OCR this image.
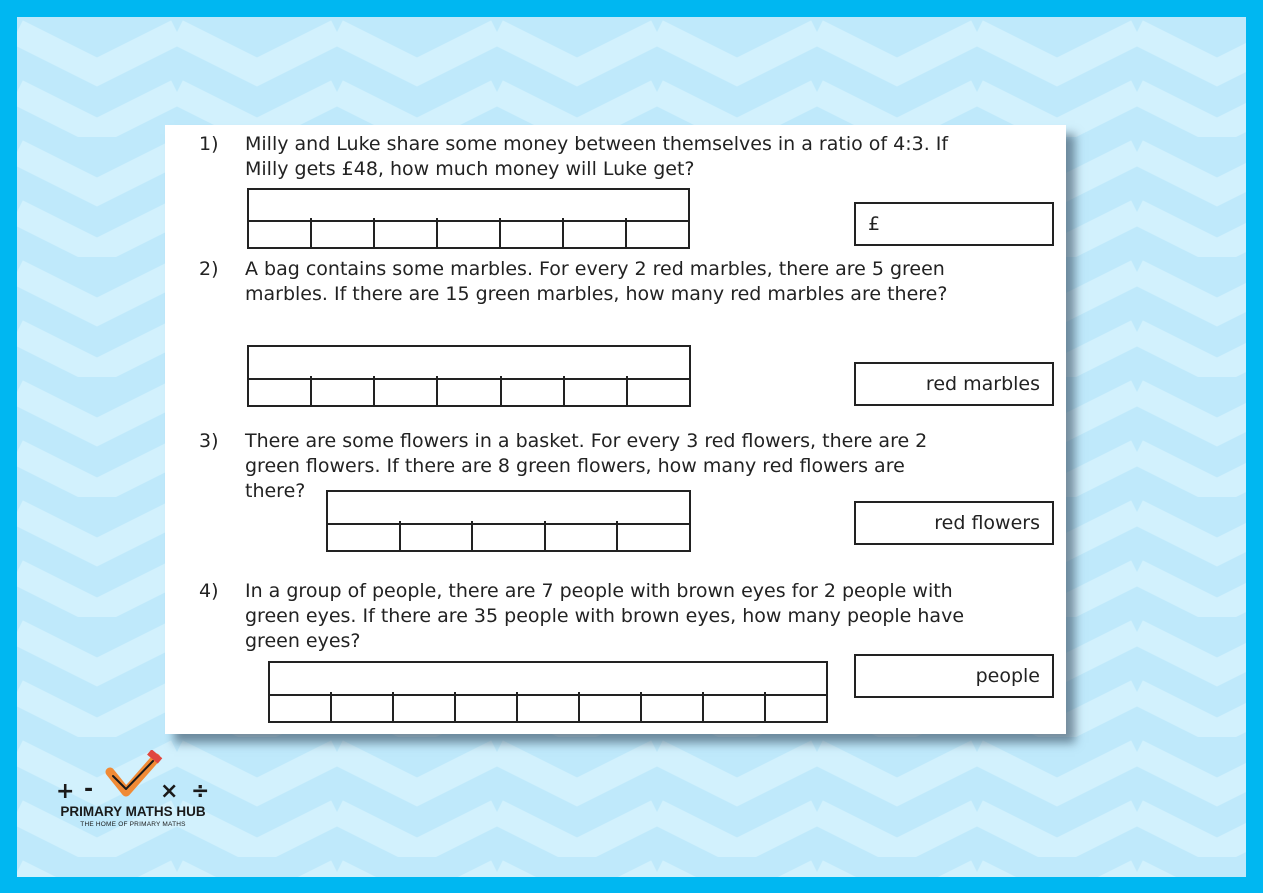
1) Milly and Luke share some money between themselves in a ratio of 4:3. If

Milly gets £48, how much money will Luke get?

£
2) A bag contains some marbles. For every 2 red marbles, there are 5 green

marbles. If there are 15 green marbles, how many red marbles are there?

red marbles
3) There are some flowers in a basket. For every 3 red flowers, there are 2

green flowers. If there are 8 green flowers, how many red flowers are

there?

red flowers
4) In a group of people, there are 7 people with brown eyes for 2 people with

green eyes. If there are 35 people with brown eyes, how many people have

green eyes?

people
+ -	× ÷
PRIMARY MATHS HUB
THE HOME OF PRIMARY MATHS
